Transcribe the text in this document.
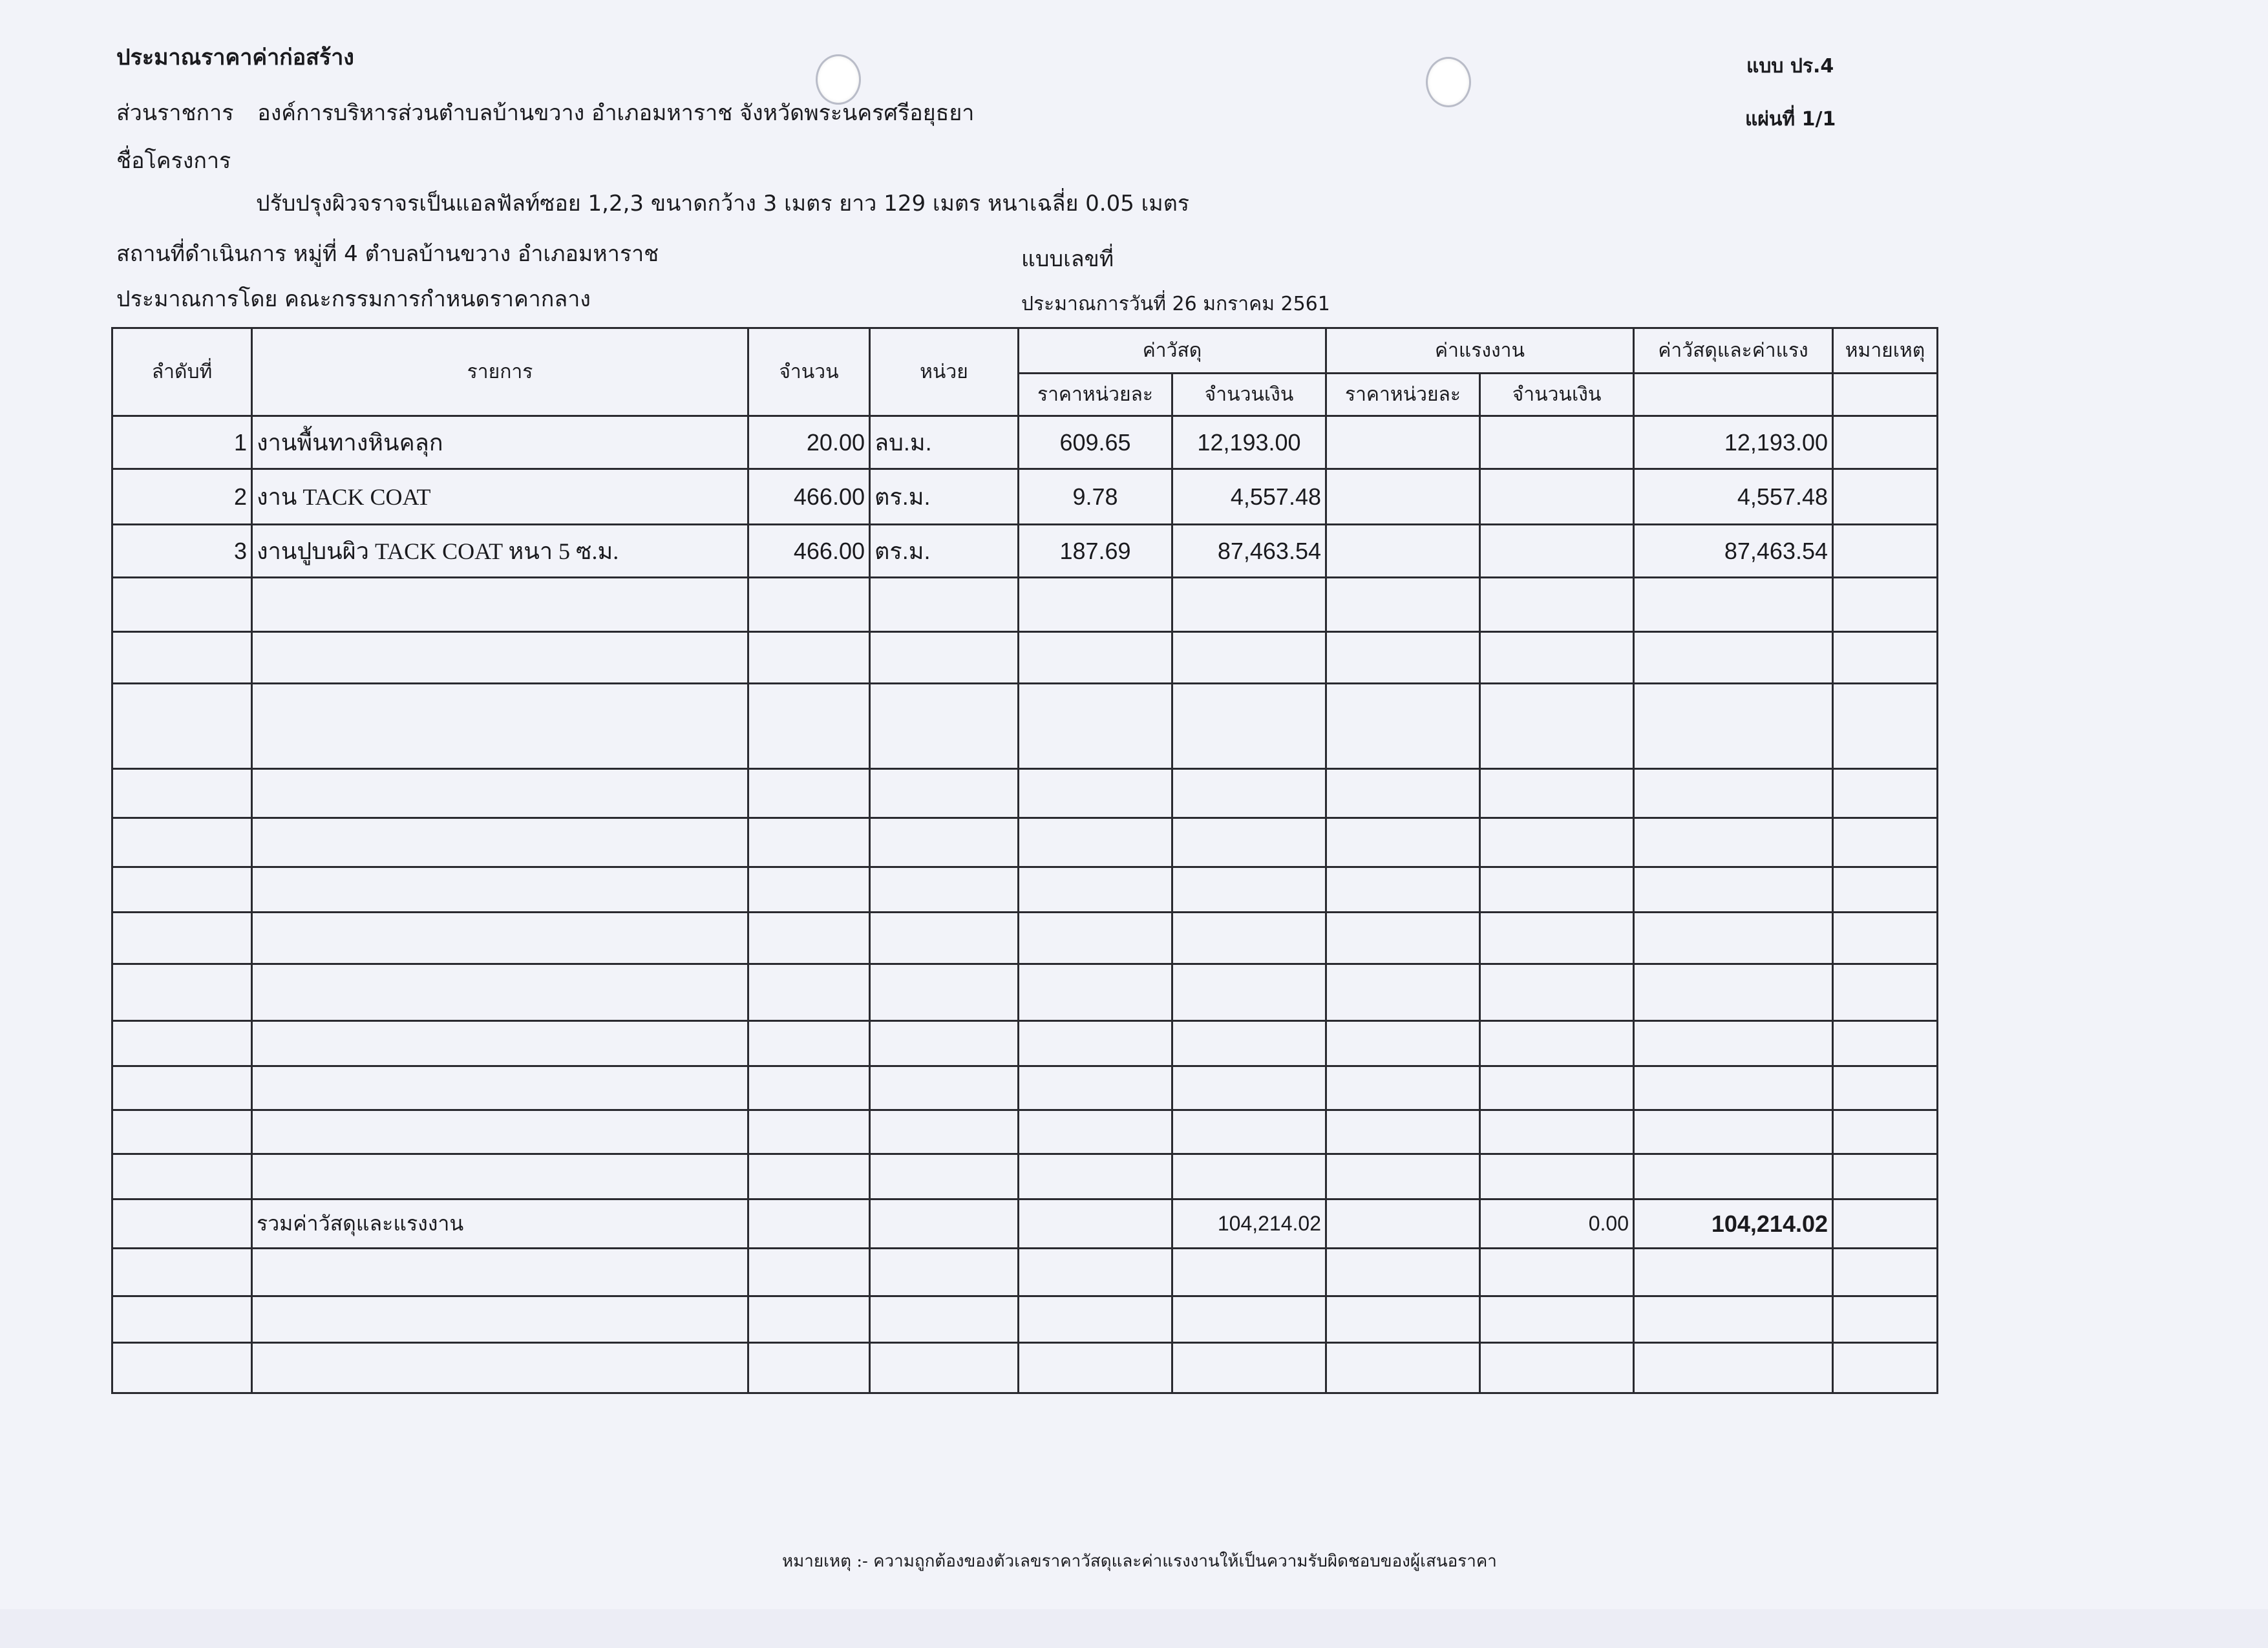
ประมาณราคาค่าก่อสร้าง	แบบ ปร.4
แผ่นที่ 1/1
ส่วนราชการ องค์การบริหารส่วนตำบลบ้านขวาง อำเภอมหาราช จังหวัดพระนครศรีอยุธยา
ชื่อโครงการ
ปรับปรุงผิวจราจรเป็นแอลฟัลท์ซอย 1,2,3 ขนาดกว้าง 3 เมตร ยาว 129 เมตร หนาเฉลี่ย 0.05 เมตร
สถานที่ดำเนินการ หมู่ที่ 4 ตำบลบ้านขวาง อำเภอมหาราช	แบบเลขที่
ประมาณการโดย คณะกรรมการกำหนดราคากลาง	ประมาณการวันที่ 26 มกราคม 2561
ลำดับที่	รายการ	จำนวน	หน่วย	ค่าวัสดุ		ค่าแรงงาน		ค่าวัสดุและค่าแรง	หมายเหตุ
				ราคาหน่วยละ	จำนวนเงิน	ราคาหน่วยละ	จำนวนเงิน		
1	งานพื้นทางหินคลุก	20.00	ลบ.ม.	609.65	12,193.00			12,193.00	
2	งาน TACK COAT	466.00	ตร.ม.	9.78	4,557.48			4,557.48	
3	งานปูบนผิว TACK COAT หนา 5 ซ.ม.	466.00	ตร.ม.	187.69	87,463.54			87,463.54	

	รวมค่าวัสดุและแรงงาน				104,214.02		0.00	104,214.02	

หมายเหตุ :- ความถูกต้องของตัวเลขราคาวัสดุและค่าแรงงานให้เป็นความรับผิดชอบของผู้เสนอราคา
